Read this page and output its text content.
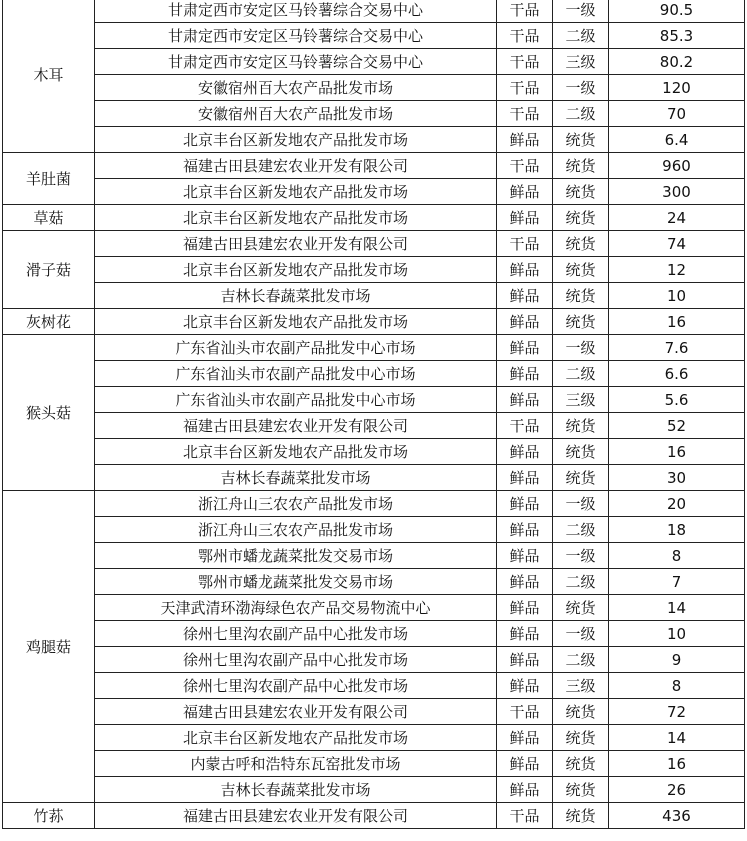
木耳	甘肃定西市安定区马铃薯综合交易中心	干品	一级	90.5
	甘肃定西市安定区马铃薯综合交易中心	干品	二级	85.3
	甘肃定西市安定区马铃薯综合交易中心	干品	三级	80.2
	安徽宿州百大农产品批发市场	干品	一级	120
	安徽宿州百大农产品批发市场	干品	二级	70
	北京丰台区新发地农产品批发市场	鲜品	统货	6.4
羊肚菌	福建古田县建宏农业开发有限公司	干品	统货	960
	北京丰台区新发地农产品批发市场	鲜品	统货	300
草菇	北京丰台区新发地农产品批发市场	鲜品	统货	24
滑子菇	福建古田县建宏农业开发有限公司	干品	统货	74
	北京丰台区新发地农产品批发市场	鲜品	统货	12
	吉林长春蔬菜批发市场	鲜品	统货	10
灰树花	北京丰台区新发地农产品批发市场	鲜品	统货	16
猴头菇	广东省汕头市农副产品批发中心市场	鲜品	一级	7.6
	广东省汕头市农副产品批发中心市场	鲜品	二级	6.6
	广东省汕头市农副产品批发中心市场	鲜品	三级	5.6
	福建古田县建宏农业开发有限公司	干品	统货	52
	北京丰台区新发地农产品批发市场	鲜品	统货	16
	吉林长春蔬菜批发市场	鲜品	统货	30
鸡腿菇	浙江舟山三农农产品批发市场	鲜品	一级	20
	浙江舟山三农农产品批发市场	鲜品	二级	18
	鄂州市蟠龙蔬菜批发交易市场	鲜品	一级	8
	鄂州市蟠龙蔬菜批发交易市场	鲜品	二级	7
	天津武清环渤海绿色农产品交易物流中心	鲜品	统货	14
	徐州七里沟农副产品中心批发市场	鲜品	一级	10
	徐州七里沟农副产品中心批发市场	鲜品	二级	9
	徐州七里沟农副产品中心批发市场	鲜品	三级	8
	福建古田县建宏农业开发有限公司	干品	统货	72
	北京丰台区新发地农产品批发市场	鲜品	统货	14
	内蒙古呼和浩特东瓦窑批发市场	鲜品	统货	16
	吉林长春蔬菜批发市场	鲜品	统货	26
竹荪	福建古田县建宏农业开发有限公司	干品	统货	436
